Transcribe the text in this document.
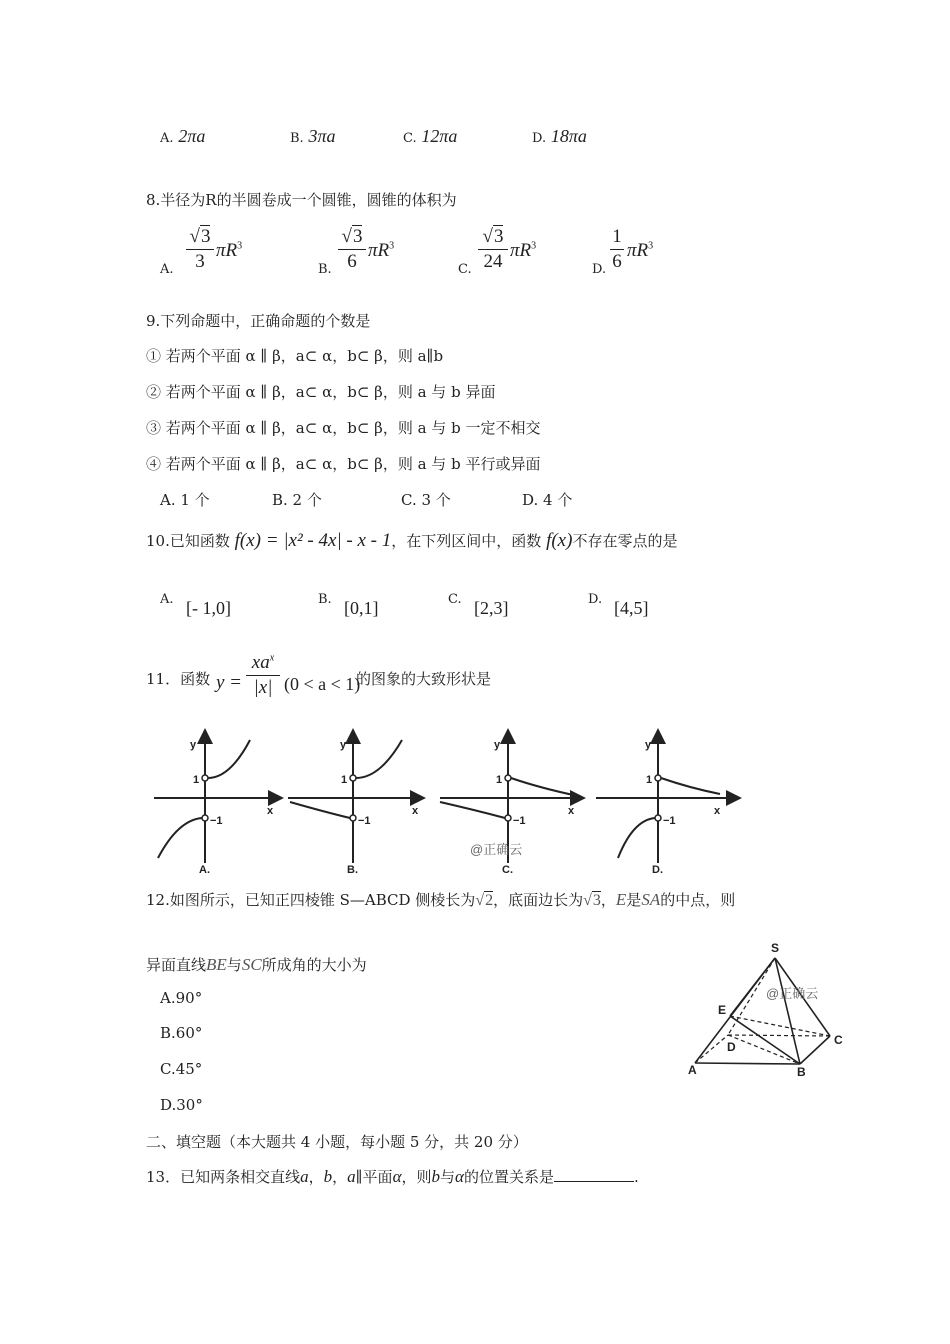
A. 2πa	B. 3πa	C. 12πa	D. 18πa
8.半径为R的半圆卷成一个圆锥，圆锥的体积为
A.
√3
3
$\pi R^3$
B.
√3
6
$\pi R^3$
C.
√3
24
$\pi R^3$
D.
1
6
$\pi R^3$
9.下列命题中，正确命题的个数是
① 若两个平面 α ∥ β，a⊂ α，b⊂ β，则 a∥b
② 若两个平面 α ∥ β，a⊂ α，b⊂ β，则 a 与 b 异面
③ 若两个平面 α ∥ β，a⊂ α，b⊂ β，则 a 与 b 一定不相交
④ 若两个平面 α ∥ β，a⊂ α，b⊂ β，则 a 与 b 平行或异面
A. 1 个	B. 2 个	C. 3 个	D. 4 个
10.已知函数 f(x) = |x² - 4x| - x - 1，在下列区间中，函数 f(x)不存在零点的是
A. [- 1,0]	B. [0,1]	C. [2,3]	D. [4,5]
11．函数 y =
$xa^x$
|x| (0 < a < 1)
的图象的大致形状是
y
x
1
−1
A.
y
x
1
−1
B.
y
x
1
−1
C.
y
x
1
−1
D.
@正确云
12.如图所示，已知正四棱锥 S—ABCD 侧棱长为√2，底面边长为√3，E是SA的中点，则
异面直线BE与SC所成角的大小为
A.90°
B.60°
C.45°
D.30°
S
E
D	C
A	B
@正确云
二、填空题（本大题共 4 小题，每小题 5 分，共 20 分）
13．已知两条相交直线a，b，a∥平面α，则b与α的位置关系是	.
